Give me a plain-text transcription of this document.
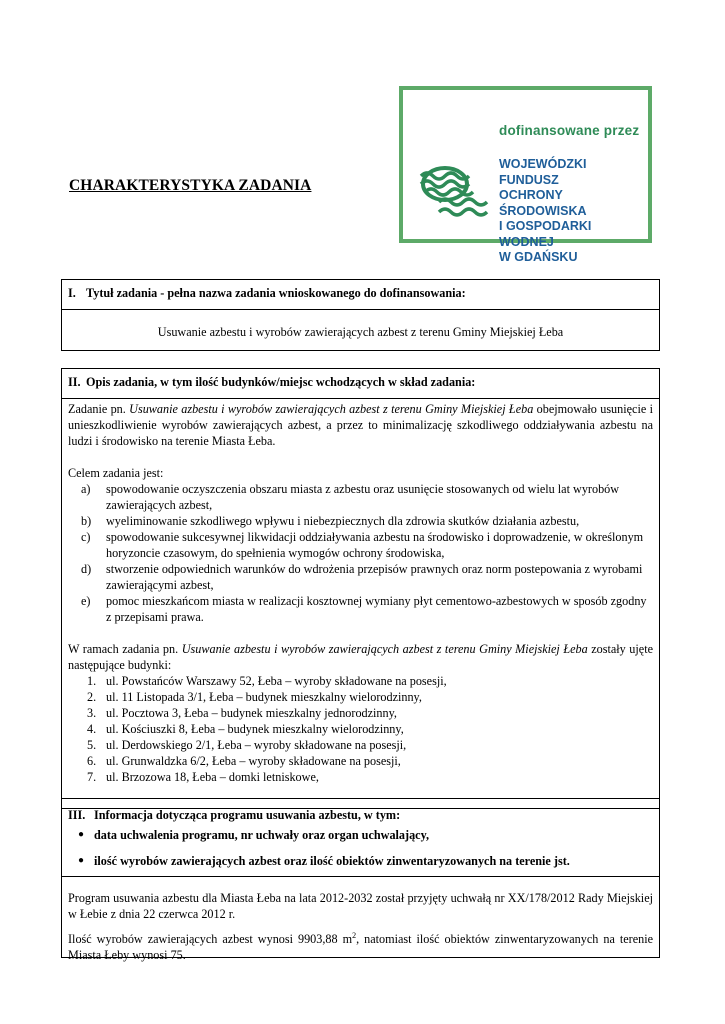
CHARAKTERYSTYKA ZADANIA
dofinansowane przez
WOJEWÓDZKI FUNDUSZ
OCHRONY ŚRODOWISKA
I GOSPODARKI WODNEJ
W GDAŃSKU
I. Tytuł zadania - pełna nazwa zadania wnioskowanego do dofinansowania:
Usuwanie azbestu i wyrobów zawierających azbest z terenu Gminy Miejskiej Łeba
II. Opis zadania, w tym ilość budynków/miejsc wchodzących w skład zadania:

Zadanie pn. Usuwanie azbestu i wyrobów zawierających azbest z terenu Gminy Miejskiej Łeba obejmowało usunięcie i unieszkodliwienie wyrobów zawierających azbest, a przez to minimalizację szkodliwego oddziaływania azbestu na ludzi i środowisko na terenie Miasta Łeba.

Celem zadania jest:

a)	spowodowanie oczyszczenia obszaru miasta z azbestu oraz usunięcie stosowanych od wielu lat wyrobów zawierających azbest,
b)	wyeliminowanie szkodliwego wpływu i niebezpiecznych dla zdrowia skutków działania azbestu,
c)	spowodowanie sukcesywnej likwidacji oddziaływania azbestu na środowisko i doprowadzenie, w określonym horyzoncie czasowym, do spełnienia wymogów ochrony środowiska,
d)	stworzenie odpowiednich warunków do wdrożenia przepisów prawnych oraz norm postepowania z wyrobami zawierającymi azbest,
e)	pomoc mieszkańcom miasta w realizacji kosztownej wymiany płyt cementowo-azbestowych w sposób zgodny z przepisami prawa.

W ramach zadania pn. Usuwanie azbestu i wyrobów zawierających azbest z terenu Gminy Miejskiej Łeba zostały ujęte następujące budynki:

1. ul. Powstańców Warszawy 52, Łeba – wyroby składowane na posesji,
2. ul. 11 Listopada 3/1, Łeba – budynek mieszkalny wielorodzinny,
3. ul. Pocztowa 3, Łeba – budynek mieszkalny jednorodzinny,
4. ul. Kościuszki 8, Łeba – budynek mieszkalny wielorodzinny,
5. ul. Derdowskiego 2/1, Łeba – wyroby składowane na posesji,
6. ul. Grunwaldzka 6/2, Łeba – wyroby składowane na posesji,
7. ul. Brzozowa 18, Łeba – domki letniskowe,
III. Informacja dotycząca programu usuwania azbestu, w tym:
● data uchwalenia programu, nr uchwały oraz organ uchwalający,
● ilość wyrobów zawierających azbest oraz ilość obiektów zinwentaryzowanych na terenie jst.

Program usuwania azbestu dla Miasta Łeba na lata 2012-2032 został przyjęty uchwałą nr XX/178/2012 Rady Miejskiej w Łebie z dnia 22 czerwca 2012 r.

Ilość wyrobów zawierających azbest wynosi 9903,88 $m^2$, natomiast ilość obiektów zinwentaryzowanych na terenie Miasta Łeby wynosi 75.
